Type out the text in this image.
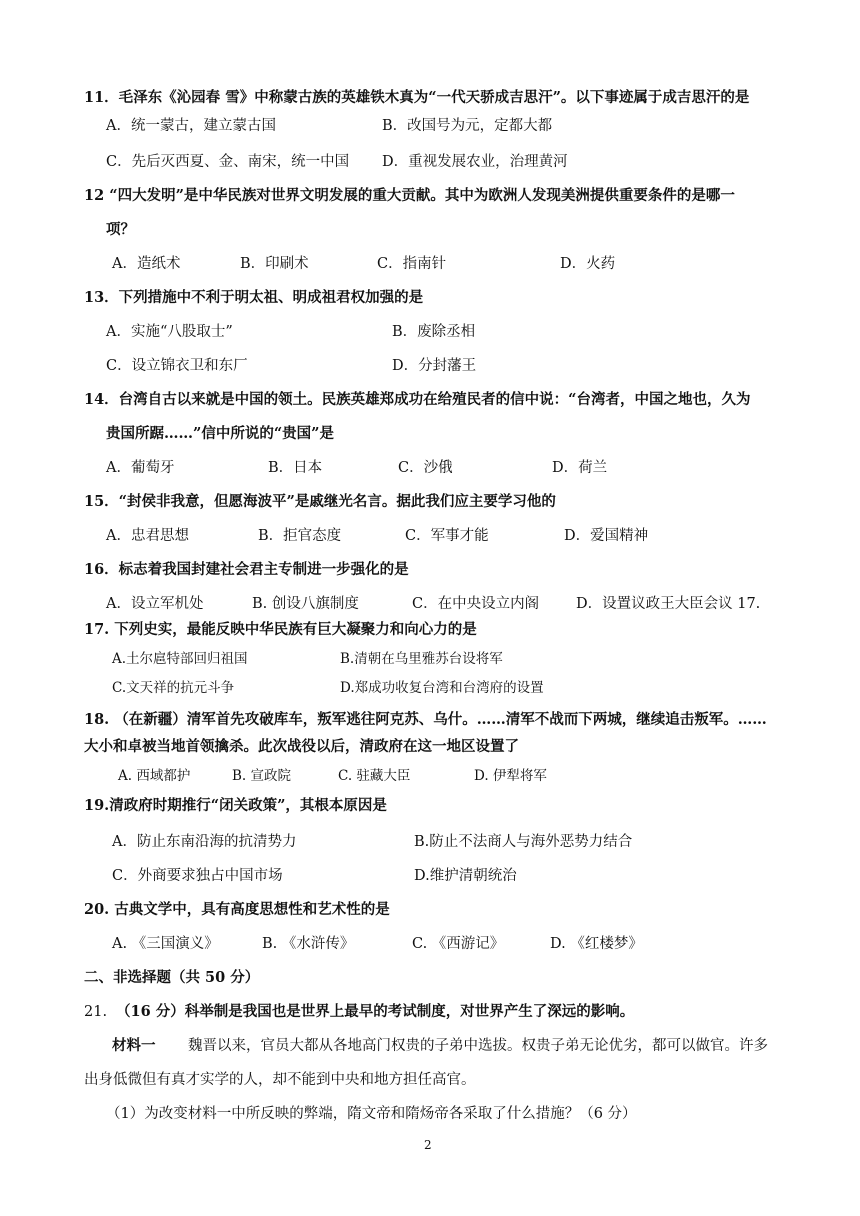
11．毛泽东《沁园春 雪》中称蒙古族的英雄铁木真为“一代天骄成吉思汗”。以下事迹属于成吉思汗的是
A．统一蒙古，建立蒙古国	B．改国号为元，定都大都
C．先后灭西夏、金、南宋，统一中国 D．重视发展农业，治理黄河
12 “四大发明”是中华民族对世界文明发展的重大贡献。其中为欧洲人发现美洲提供重要条件的是哪一
项？
A．造纸术	B．印刷术	C．指南针	D．火药
13．下列措施中不利于明太祖、明成祖君权加强的是
A．实施“八股取士”	B．废除丞相
C．设立锦衣卫和东厂	D．分封藩王
14．台湾自古以来就是中国的领土。民族英雄郑成功在给殖民者的信中说：“台湾者，中国之地也，久为
贵国所踞……”信中所说的“贵国”是
A．葡萄牙	B．日本	C．沙俄	D．荷兰
15．“封侯非我意，但愿海波平”是戚继光名言。据此我们应主要学习他的
A．忠君思想	B．拒官态度	C．军事才能	D．爱国精神
16．标志着我国封建社会君主专制进一步强化的是
A．设立军机处	B. 创设八旗制度	C．在中央设立内阁	D．设置议政王大臣会议 17.
17. 下列史实，最能反映中华民族有巨大凝聚力和向心力的是
A.土尔扈特部回归祖国	B.清朝在乌里雅苏台设将军
C.文天祥的抗元斗争	D.郑成功收复台湾和台湾府的设置
18. （在新疆）清军首先攻破库车，叛军逃往阿克苏、乌什。……清军不战而下两城，继续追击叛军。……
大小和卓被当地首领擒杀。此次战役以后，清政府在这一地区设置了
A. 西域都护	B. 宣政院	C. 驻藏大臣	D. 伊犁将军
19.清政府时期推行“闭关政策”，其根本原因是
A．防止东南沿海的抗清势力	B.防止不法商人与海外恶势力结合
C．外商要求独占中国市场	D.维护清朝统治
20. 古典文学中，具有高度思想性和艺术性的是
A. 《三国演义》	B. 《水浒传》	C. 《西游记》	D. 《红楼梦》
二、非选择题（共 50 分）
21. （16 分）科举制是我国也是世界上最早的考试制度，对世界产生了深远的影响。
材料一 魏晋以来，官员大都从各地高门权贵的子弟中选拔。权贵子弟无论优劣，都可以做官。许多
出身低微但有真才实学的人，却不能到中央和地方担任高官。
（1）为改变材料一中所反映的弊端，隋文帝和隋炀帝各采取了什么措施？（6 分）
2
